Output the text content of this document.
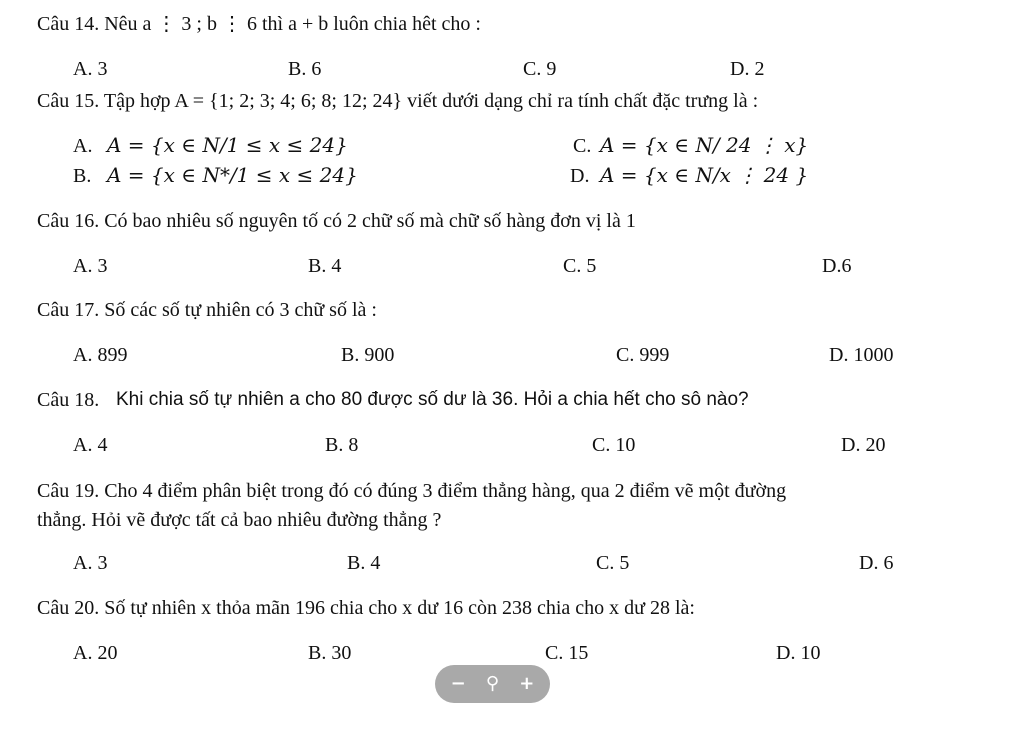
Câu 14. Nêu a ⋮ 3 ; b ⋮ 6 thì a + b luôn chia hêt cho :
A. 3	B. 6	C. 9	D. 2
Câu 15. Tập hợp A = {1; 2; 3; 4; 6; 8; 12; 24} viết dưới dạng chỉ ra tính chất đặc trưng là :
A. A = {𝑥 ∈ 𝑁/1 ≤ 𝑥 ≤ 24}	C. A = {𝑥 ∈ 𝑁/ 24 ⋮ 𝑥}
B. A = {𝑥 ∈ 𝑁*/1 ≤ 𝑥 ≤ 24}	D. A = {𝑥 ∈ 𝑁/𝑥 ⋮ 24 }
Câu 16. Có bao nhiêu số nguyên tố có 2 chữ số mà chữ số hàng đơn vị là 1
A. 3	B. 4	C. 5	D.6
Câu 17. Số các số tự nhiên có 3 chữ số là :
A. 899	B. 900	C. 999	D. 1000
Câu 18. Khi chia số tự nhiên a cho 80 được số dư là 36. Hỏi a chia hết cho sô nào?
A. 4	B. 8	C. 10	D. 20
Câu 19. Cho 4 điểm phân biệt trong đó có đúng 3 điểm thẳng hàng, qua 2 điểm vẽ một đường
thẳng. Hỏi vẽ được tất cả bao nhiêu đường thẳng ?
A. 3	B. 4	C. 5	D. 6
Câu 20. Số tự nhiên x thỏa mãn 196 chia cho x dư 16 còn 238 chia cho x dư 28 là:
A. 20	B. 30	C. 15	D. 10
−	⚲	+
